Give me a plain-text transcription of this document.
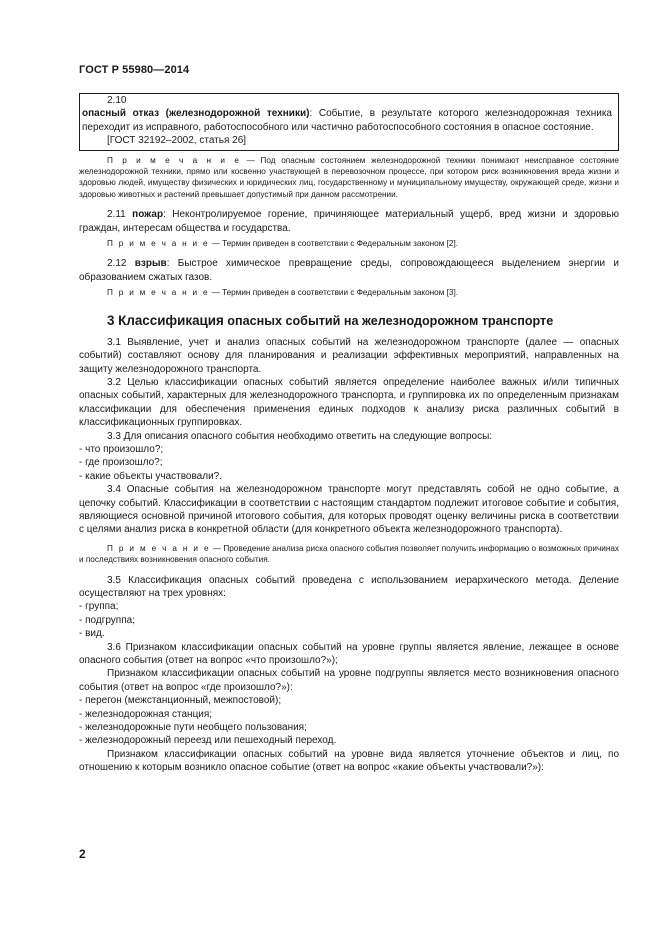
ГОСТ Р 55980—2014

2.10

опасный отказ (железнодорожной техники): Событие, в результате которого железнодорожная техника переходит из исправного, работоспособного или частично работоспособного состояния в опасное состояние.

[ГОСТ 32192–2002, статья 26]

П р и м е ч а н и е — Под опасным состоянием железнодорожной техники понимают неисправное состояние железнодорожной техники, прямо или косвенно участвующей в перевозочном процессе, при котором риск возникновения вреда жизни и здоровью людей, имуществу физических и юридических лиц, государственному и муниципальному имуществу, окружающей среде, жизни и здоровью животных и растений превышает допустимый при данном рассмотрении.

2.11 пожар: Неконтролируемое горение, причиняющее материальный ущерб, вред жизни и здоровью граждан, интересам общества и государства.

П р и м е ч а н и е — Термин приведен в соответствии с Федеральным законом [2].

2.12 взрыв: Быстрое химическое превращение среды, сопровождающееся выделением энергии и образованием сжатых газов.

П р и м е ч а н и е — Термин приведен в соответствии с Федеральным законом [3].

3 Классификация опасных событий на железнодорожном транспорте

3.1 Выявление, учет и анализ опасных событий на железнодорожном транспорте (далее — опасных событий) составляют основу для планирования и реализации эффективных мероприятий, направленных на защиту железнодорожного транспорта.

3.2 Целью классификации опасных событий является определение наиболее важных и/или типичных опасных событий, характерных для железнодорожного транспорта, и группировка их по определенным признакам классификации для обеспечения применения единых подходов к анализу риска различных событий в классификационных группировках.

3.3 Для описания опасного события необходимо ответить на следующие вопросы:

- что произошло?;

- где произошло?;

- какие объекты участвовали?.

3.4 Опасные события на железнодорожном транспорте могут представлять собой не одно событие, а цепочку событий. Классификации в соответствии с настоящим стандартом подлежит итоговое событие и события, являющиеся основной причиной итогового события, для которых проводят оценку величины риска в соответствии с целями анализ риска в конкретной области (для конкретного объекта железнодорожного транспорта).

П р и м е ч а н и е — Проведение анализа риска опасного события позволяет получить информацию о возможных причинах и последствиях возникновения опасного события.

3.5 Классификация опасных событий проведена с использованием иерархического метода. Деление осуществляют на трех уровнях:

- группа;

- подгруппа;

- вид.

3.6 Признаком классификации опасных событий на уровне группы является явление, лежащее в основе опасного события (ответ на вопрос «что произошло?»);

Признаком классификации опасных событий на уровне подгруппы является место возникновения опасного события (ответ на вопрос «где произошло?»):

- перегон (межстанционный, межпостовой);

- железнодорожная станция;

- железнодорожные пути необщего пользования;

- железнодорожный переезд или пешеходный переход.

Признаком классификации опасных событий на уровне вида является уточнение объектов и лиц, по отношению к которым возникло опасное событие (ответ на вопрос «какие объекты участвовали?»):

2
